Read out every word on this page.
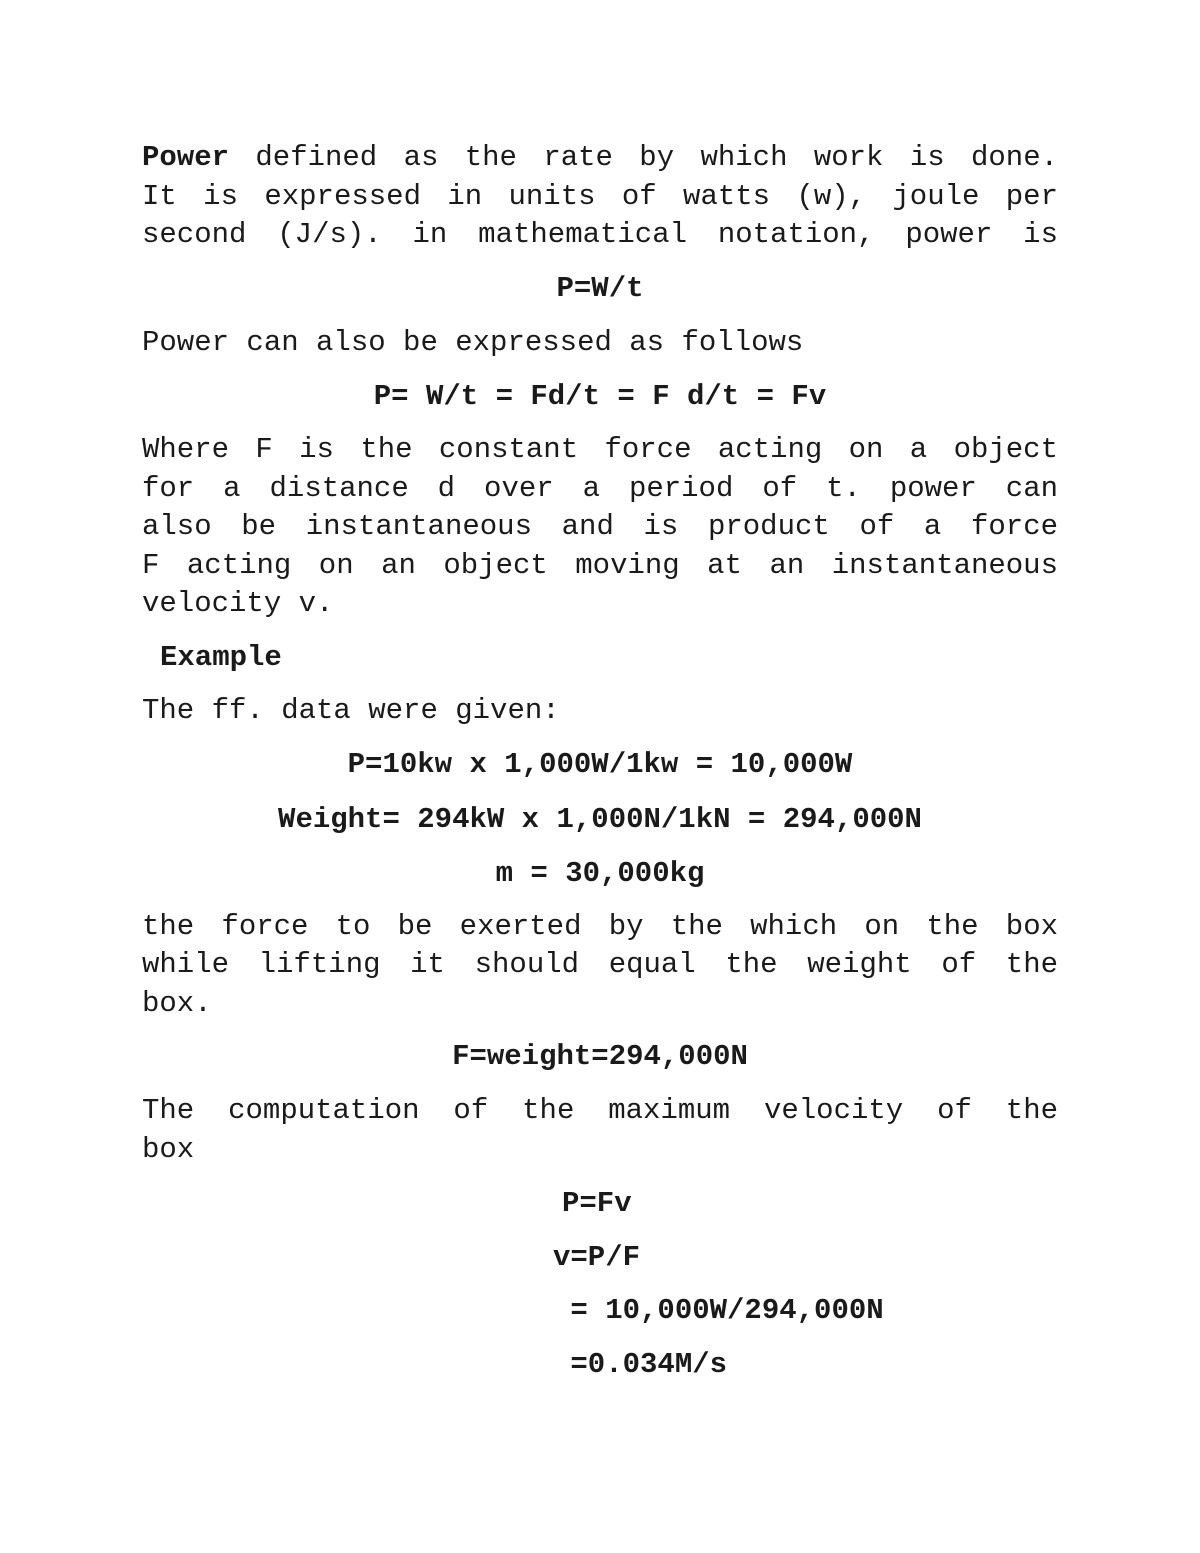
Power defined as the rate by which work is done.
It is expressed in units of watts (w), joule per
second (J/s). in mathematical notation, power is
P=W/t
Power can also be expressed as follows
P= W/t = Fd/t = F d/t = Fv
Where F is the constant force acting on a object
for a distance d over a period of t. power can
also be instantaneous and is product of a force
F acting on an object moving at an instantaneous
velocity v.
Example
The ff. data were given:
P=10kw x 1,000W/1kw = 10,000W
Weight= 294kW x 1,000N/1kN = 294,000N
m = 30,000kg
the force to be exerted by the which on the box
while lifting it should equal the weight of the
box.
F=weight=294,000N
The computation of the maximum velocity of the
box
P=Fv
v=P/F
= 10,000W/294,000N
=0.034M/s
